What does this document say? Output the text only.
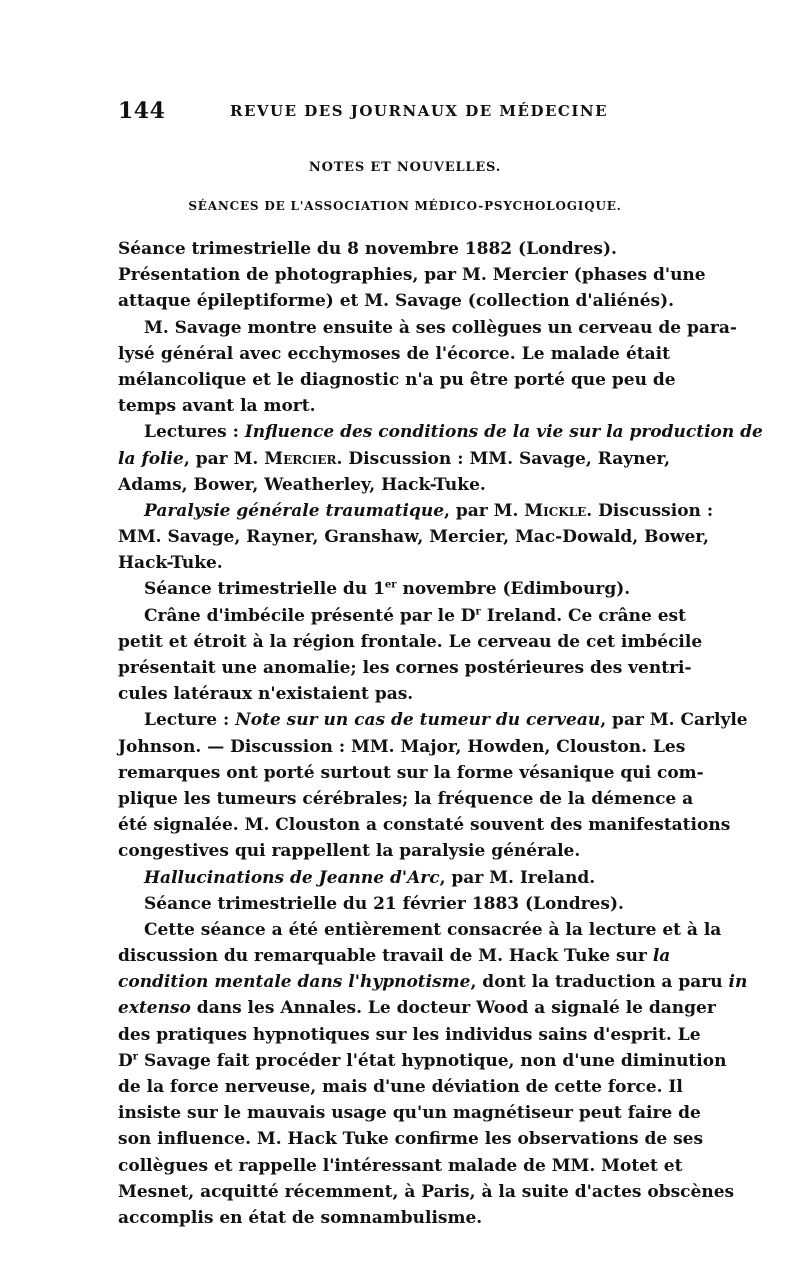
144	REVUE DES JOURNAUX DE MÉDECINE
NOTES ET NOUVELLES.
SÉANCES DE L'ASSOCIATION MÉDICO-PSYCHOLOGIQUE.
Séance trimestrielle du 8 novembre 1882 (Londres).
Présentation de photographies, par M. Mercier (phases d'une
attaque épileptiforme) et M. Savage (collection d'aliénés).
M. Savage montre ensuite à ses collègues un cerveau de para-
lysé général avec ecchymoses de l'écorce. Le malade était
mélancolique et le diagnostic n'a pu être porté que peu de
temps avant la mort.
Lectures : Influence des conditions de la vie sur la production de
la folie, par M. Mercier. Discussion : MM. Savage, Rayner,
Adams, Bower, Weatherley, Hack-Tuke.
Paralysie générale traumatique, par M. Mickle. Discussion :
MM. Savage, Rayner, Granshaw, Mercier, Mac-Dowald, Bower,
Hack-Tuke.
Séance trimestrielle du 1er novembre (Edimbourg).
Crâne d'imbécile présenté par le $D^r$ Ireland. Ce crâne est
petit et étroit à la région frontale. Le cerveau de cet imbécile
présentait une anomalie; les cornes postérieures des ventri-
cules latéraux n'existaient pas.
Lecture : Note sur un cas de tumeur du cerveau, par M. Carlyle
Johnson. — Discussion : MM. Major, Howden, Clouston. Les
remarques ont porté surtout sur la forme vésanique qui com-
plique les tumeurs cérébrales; la fréquence de la démence a
été signalée. M. Clouston a constaté souvent des manifestations
congestives qui rappellent la paralysie générale.
Hallucinations de Jeanne d'Arc, par M. Ireland.
Séance trimestrielle du 21 février 1883 (Londres).
Cette séance a été entièrement consacrée à la lecture et à la
discussion du remarquable travail de M. Hack Tuke sur la
condition mentale dans l'hypnotisme, dont la traduction a paru in
extenso dans les Annales. Le docteur Wood a signalé le danger
des pratiques hypnotiques sur les individus sains d'esprit. Le
$D^r$ Savage fait procéder l'état hypnotique, non d'une diminution
de la force nerveuse, mais d'une déviation de cette force. Il
insiste sur le mauvais usage qu'un magnétiseur peut faire de
son influence. M. Hack Tuke confirme les observations de ses
collègues et rappelle l'intéressant malade de MM. Motet et
Mesnet, acquitté récemment, à Paris, à la suite d'actes obscènes
accomplis en état de somnambulisme.
